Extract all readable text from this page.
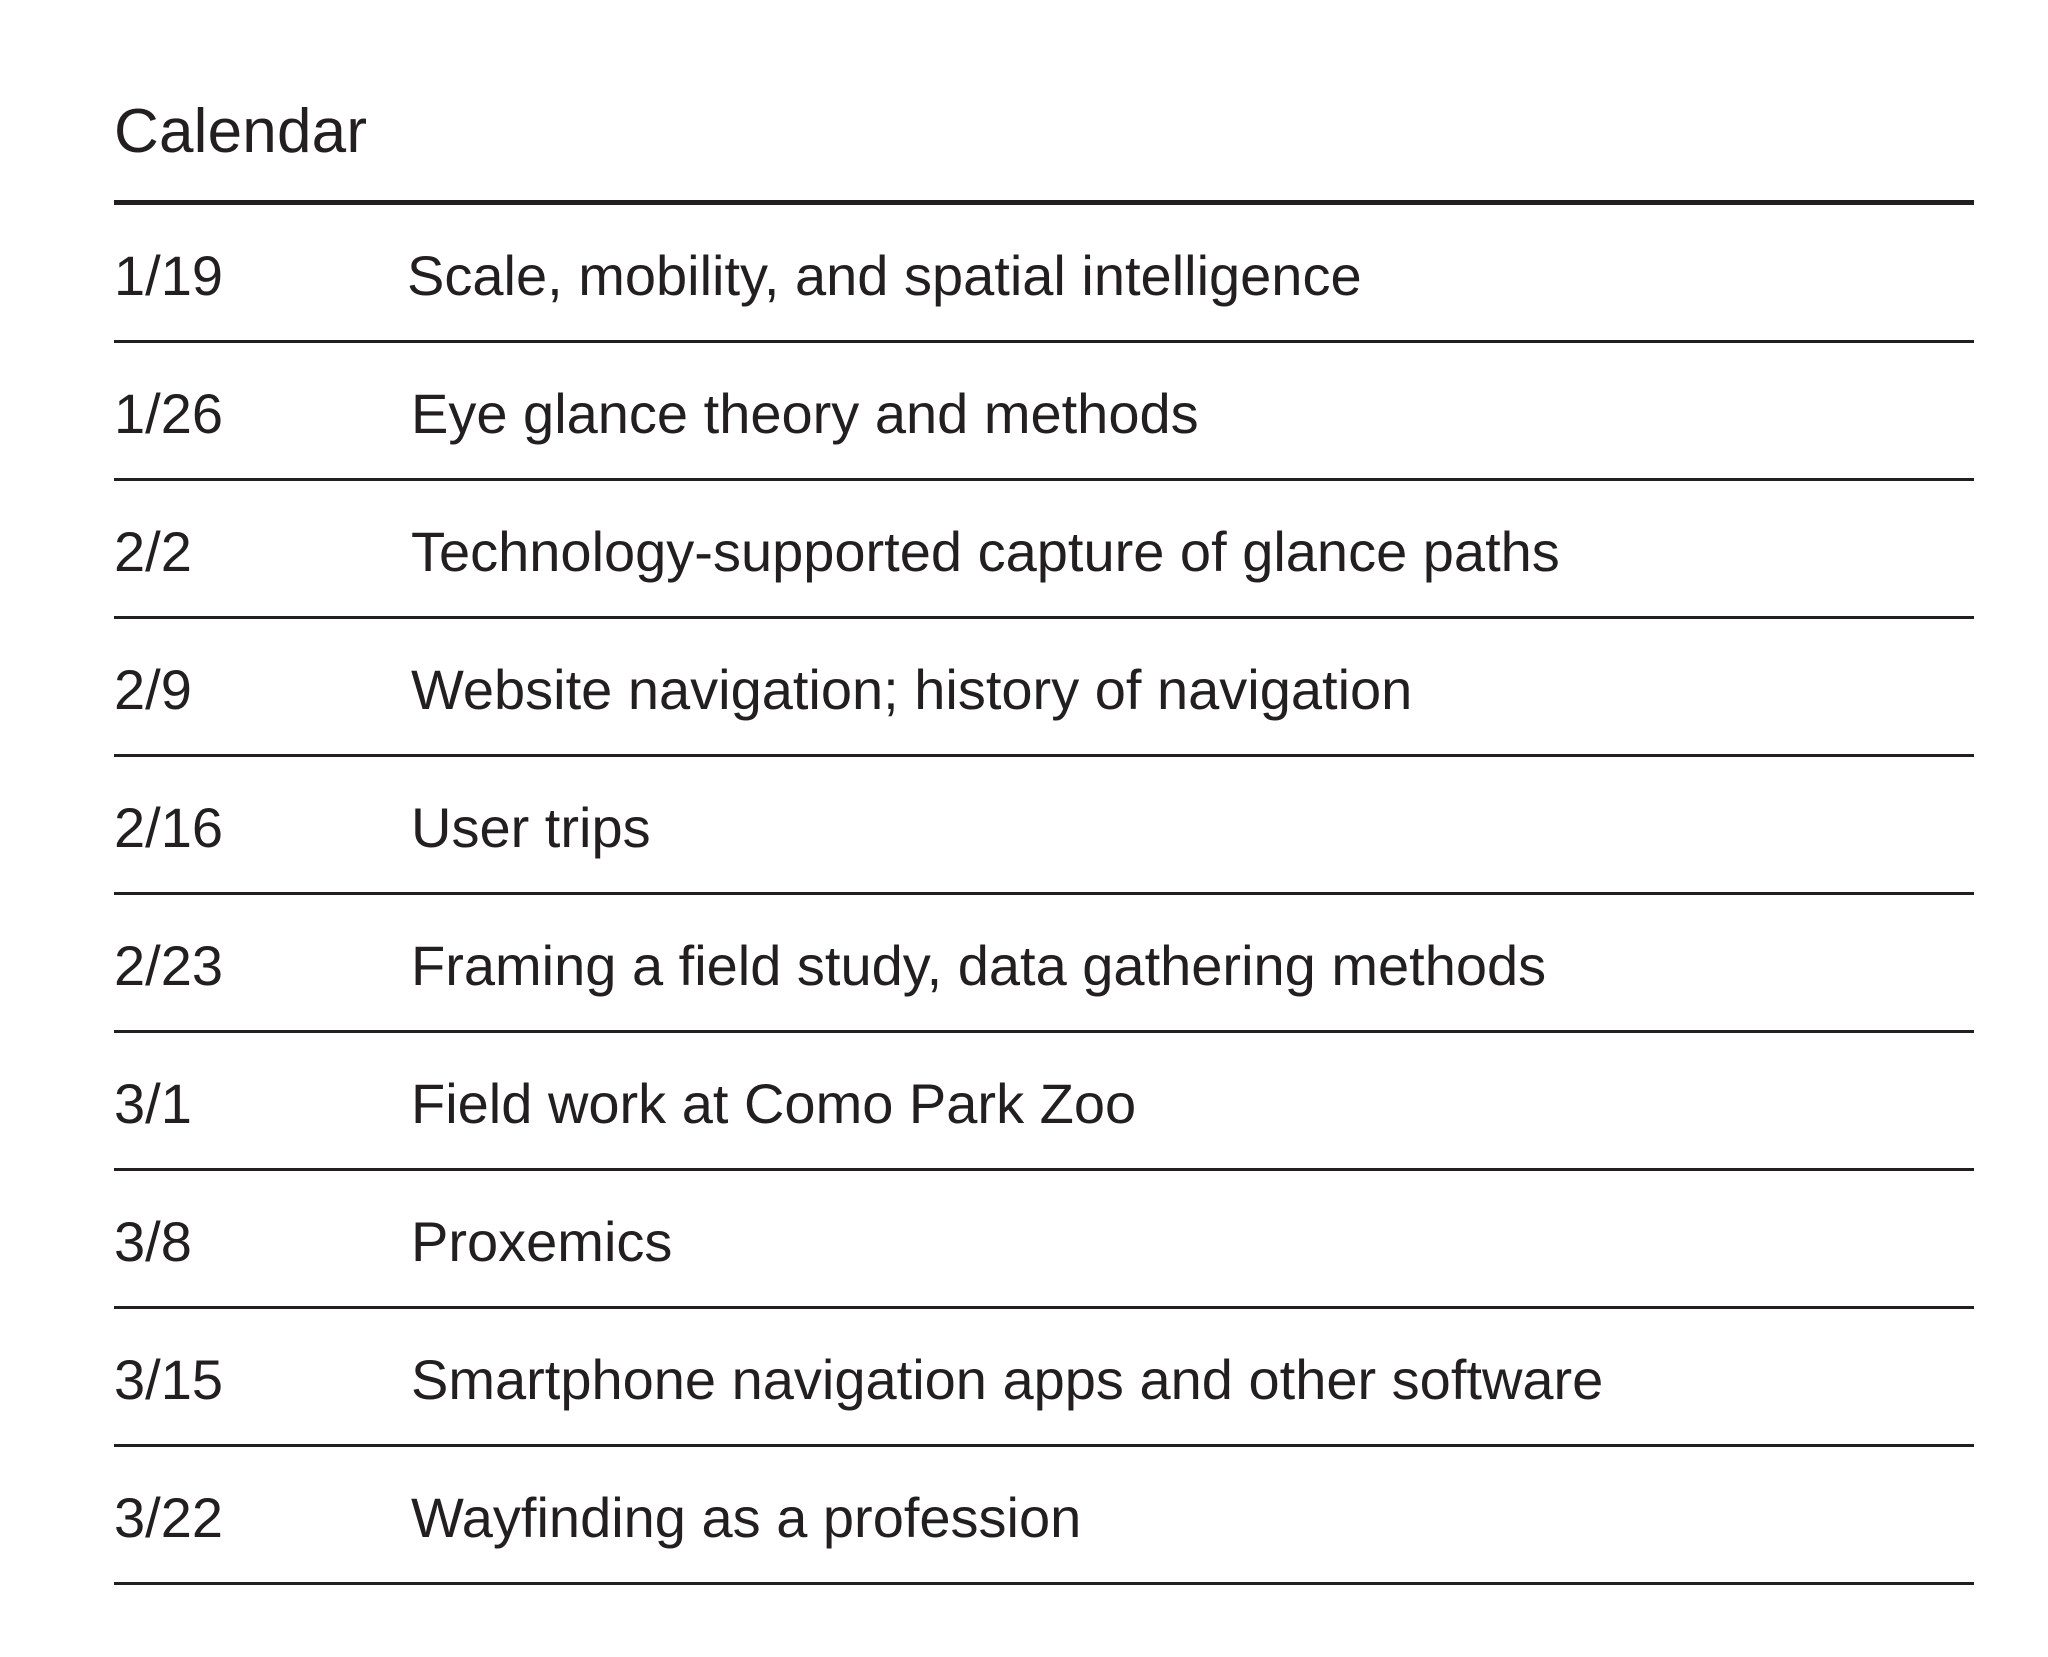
Calendar
1/19	Scale, mobility, and spatial intelligence
1/26	Eye glance theory and methods
2/2	Technology-supported capture of glance paths
2/9	Website navigation; history of navigation
2/16	User trips
2/23	Framing a field study, data gathering methods
3/1	Field work at Como Park Zoo
3/8	Proxemics
3/15	Smartphone navigation apps and other software
3/22	Wayfinding as a profession
